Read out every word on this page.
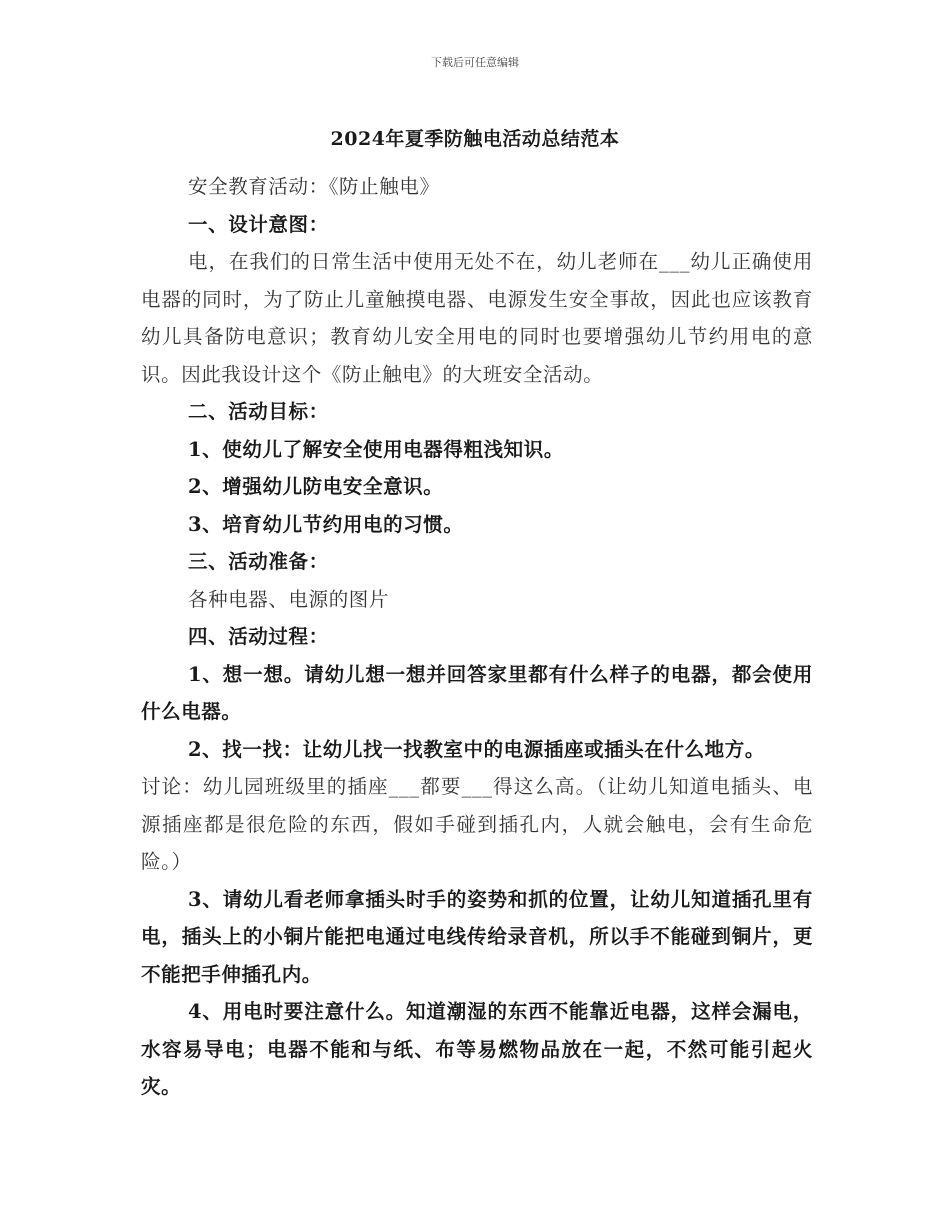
下载后可任意编辑
2024年夏季防触电活动总结范本

安全教育活动：《防止触电》

一、设计意图：

电，在我们的日常生活中使用无处不在，幼儿老师在___幼儿正确使用电器的同时，为了防止儿童触摸电器、电源发生安全事故，因此也应该教育幼儿具备防电意识；教育幼儿安全用电的同时也要增强幼儿节约用电的意识。因此我设计这个《防止触电》的大班安全活动。

二、活动目标：

1、使幼儿了解安全使用电器得粗浅知识。

2、增强幼儿防电安全意识。

3、培育幼儿节约用电的习惯。

三、活动准备：

各种电器、电源的图片

四、活动过程：

1、想一想。请幼儿想一想并回答家里都有什么样子的电器，都会使用什么电器。

2、找一找：让幼儿找一找教室中的电源插座或插头在什么地方。

讨论：幼儿园班级里的插座___都要___得这么高。（让幼儿知道电插头、电源插座都是很危险的东西，假如手碰到插孔内，人就会触电，会有生命危险。）

3、请幼儿看老师拿插头时手的姿势和抓的位置，让幼儿知道插孔里有电，插头上的小铜片能把电通过电线传给录音机，所以手不能碰到铜片，更不能把手伸插孔内。

4、用电时要注意什么。知道潮湿的东西不能靠近电器，这样会漏电，水容易导电；电器不能和与纸、布等易燃物品放在一起，不然可能引起火灾。
